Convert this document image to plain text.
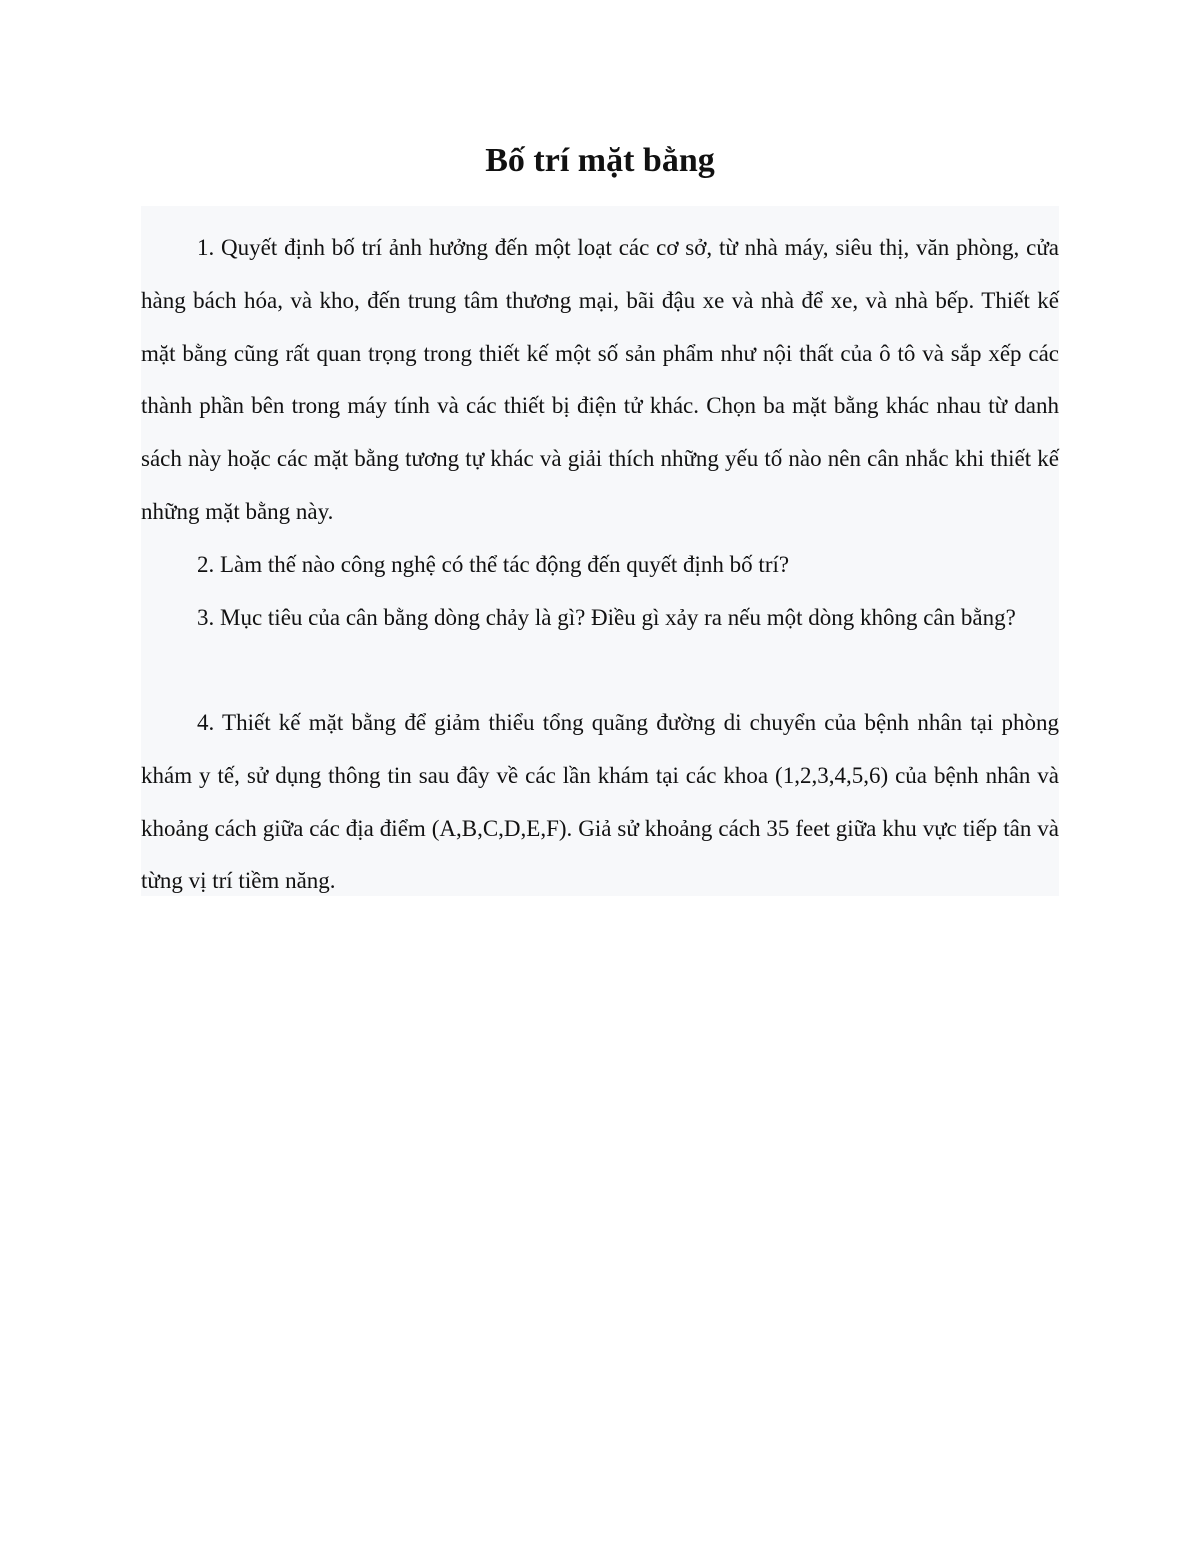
Bố trí mặt bằng

1. Quyết định bố trí ảnh hưởng đến một loạt các cơ sở, từ nhà máy, siêu thị, văn phòng, cửa hàng bách hóa, và kho, đến trung tâm thương mại, bãi đậu xe và nhà để xe, và nhà bếp. Thiết kế mặt bằng cũng rất quan trọng trong thiết kế một số sản phẩm như nội thất của ô tô và sắp xếp các thành phần bên trong máy tính và các thiết bị điện tử khác. Chọn ba mặt bằng khác nhau từ danh sách này hoặc các mặt bằng tương tự khác và giải thích những yếu tố nào nên cân nhắc khi thiết kế những mặt bằng này.

2. Làm thế nào công nghệ có thể tác động đến quyết định bố trí?

3. Mục tiêu của cân bằng dòng chảy là gì? Điều gì xảy ra nếu một dòng không cân bằng?

4. Thiết kế mặt bằng để giảm thiểu tổng quãng đường di chuyển của bệnh nhân tại phòng khám y tế, sử dụng thông tin sau đây về các lần khám tại các khoa (1,2,3,4,5,6) của bệnh nhân và khoảng cách giữa các địa điểm (A,B,C,D,E,F). Giả sử khoảng cách 35 feet giữa khu vực tiếp tân và từng vị trí tiềm năng.
